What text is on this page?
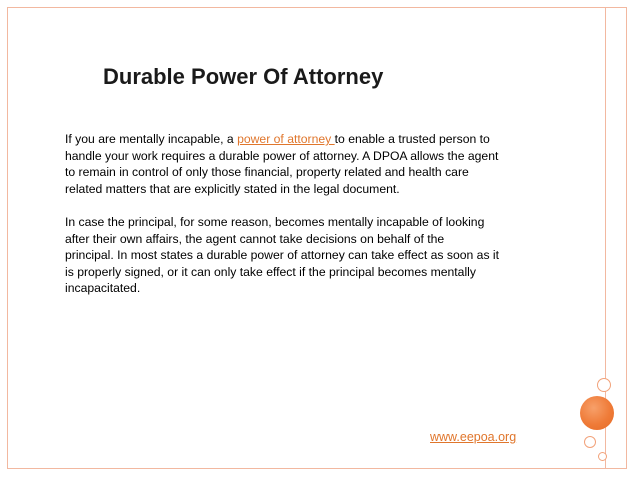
Durable Power Of Attorney

If you are mentally incapable, a power of attorney to enable a trusted person to
handle your work requires a durable power of attorney. A DPOA allows the agent
to remain in control of only those financial, property related and health care
related matters that are explicitly stated in the legal document.

In case the principal, for some reason, becomes mentally incapable of looking
after their own affairs, the agent cannot take decisions on behalf of the
principal. In most states a durable power of attorney can take effect as soon as it
is properly signed, or it can only take effect if the principal becomes mentally
incapacitated.

www.eepoa.org
